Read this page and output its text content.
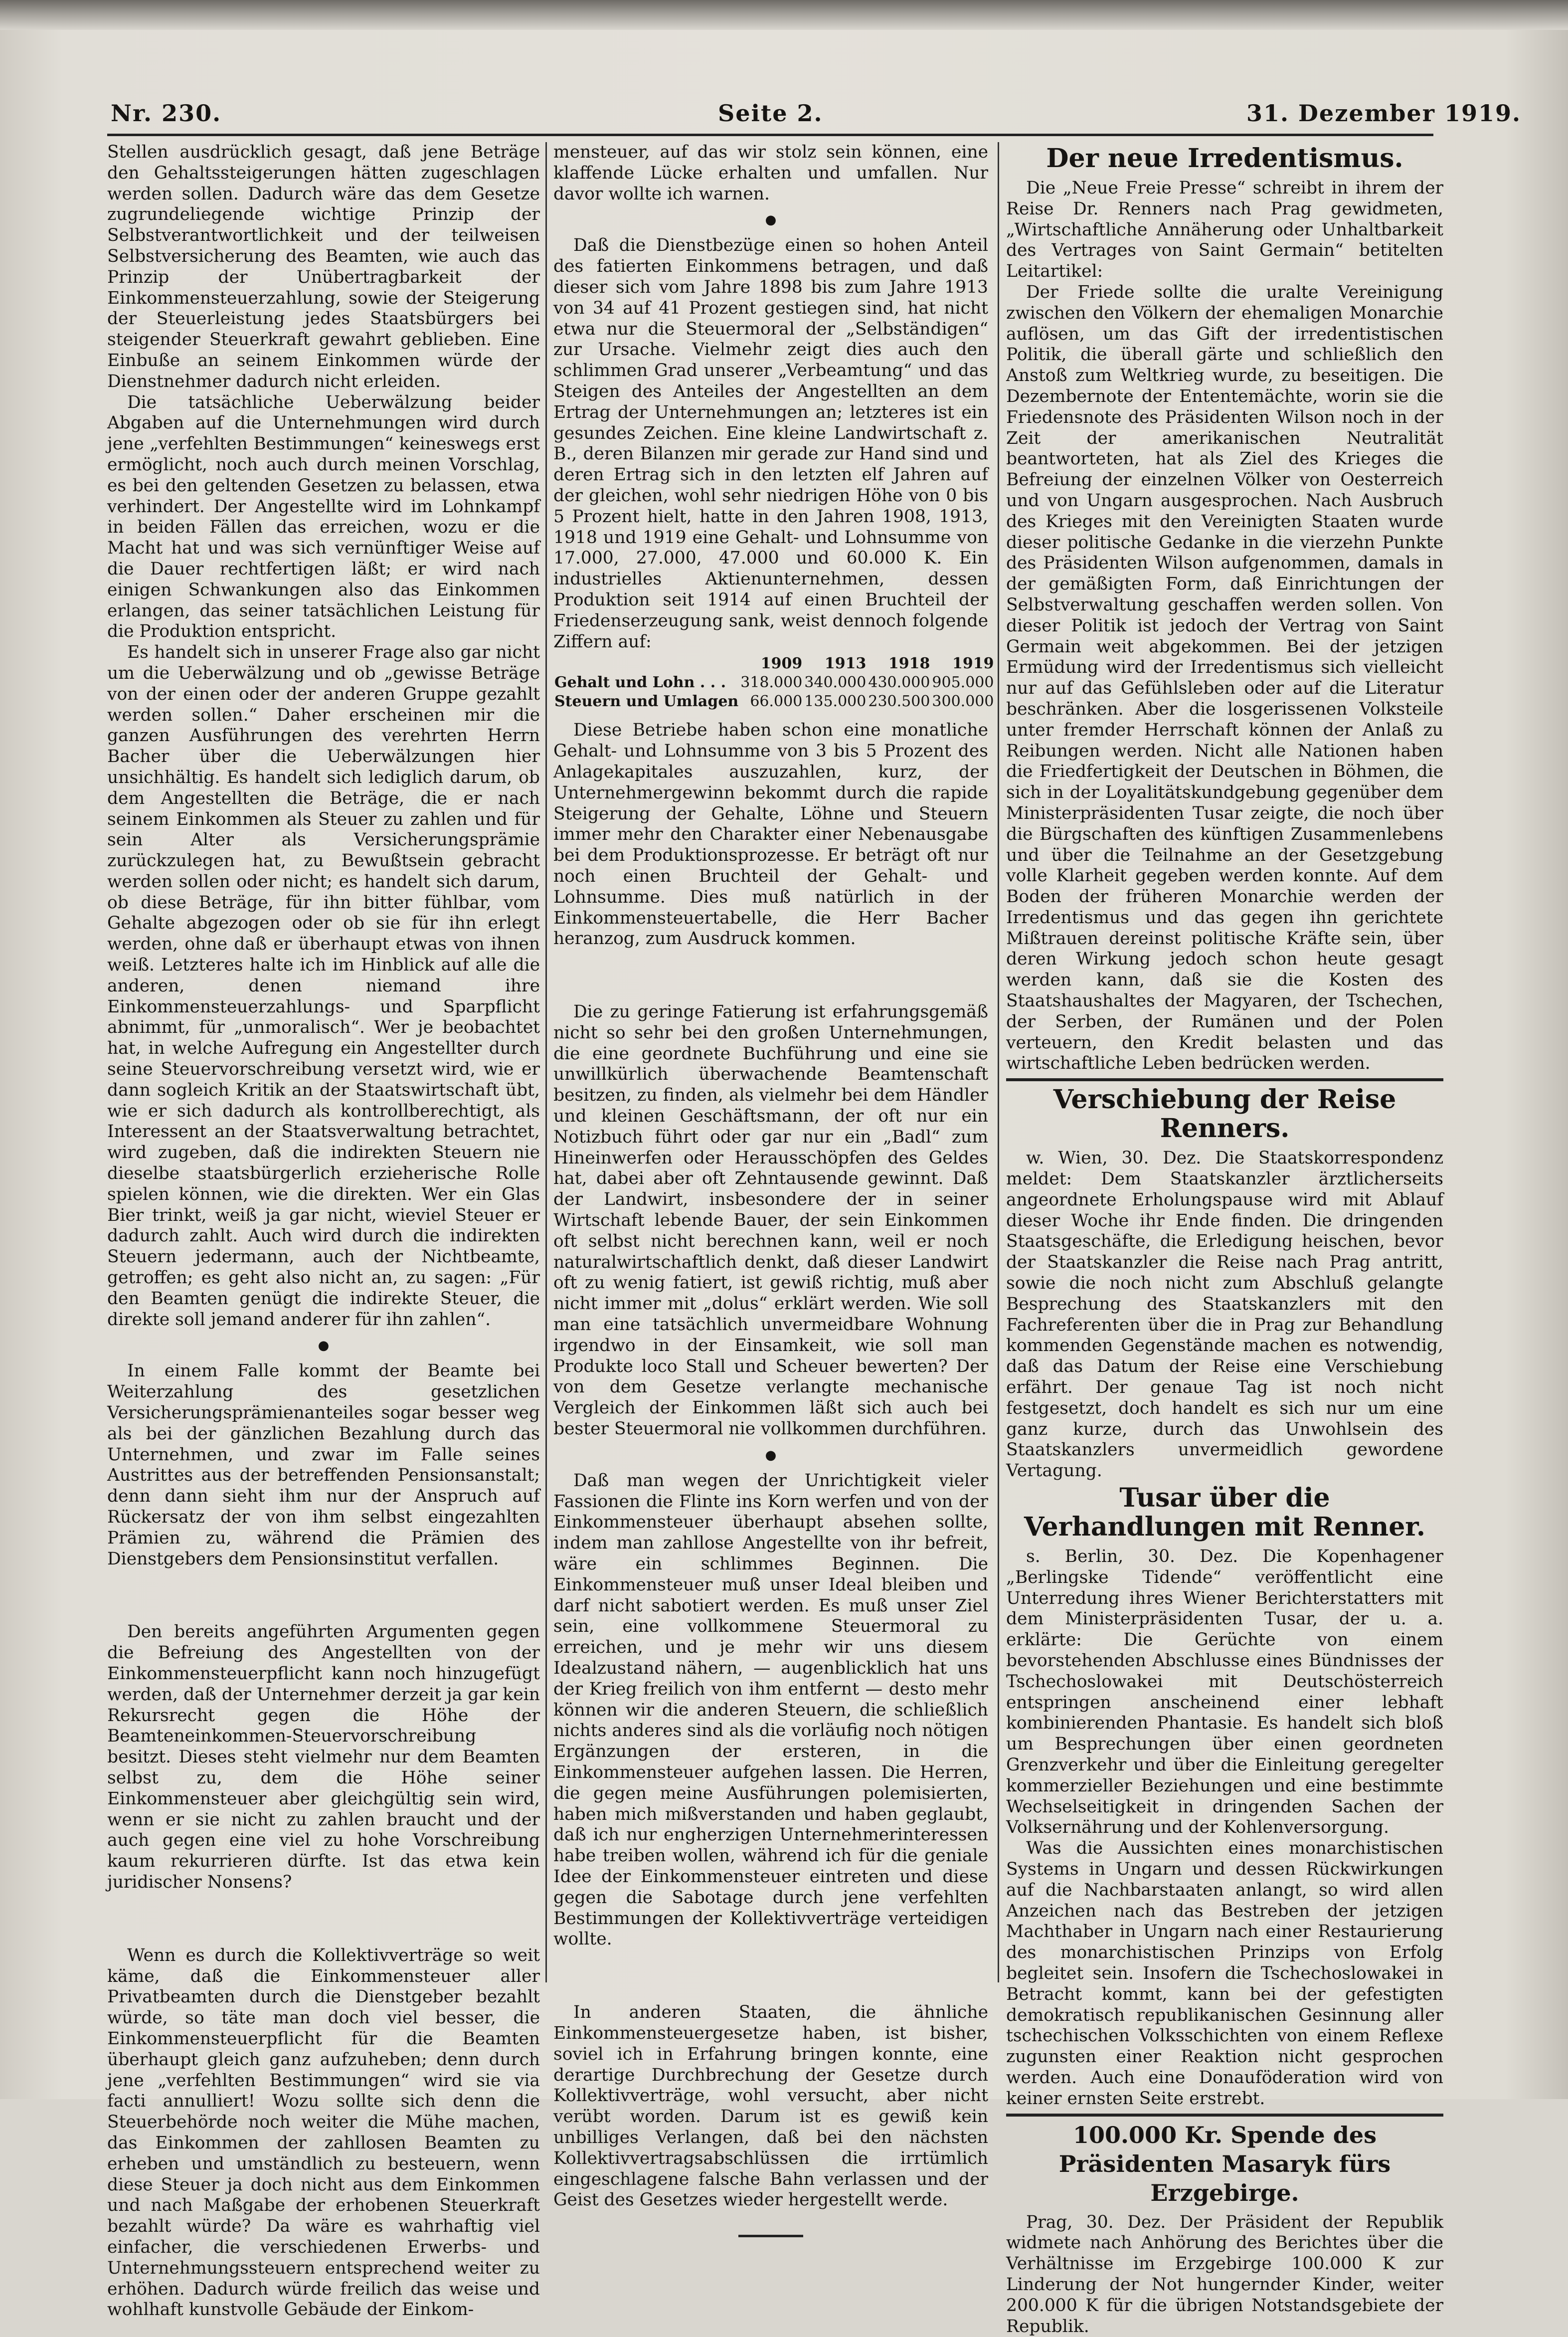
Nr. 230.	Seite 2.	31. Dezember 1919.

Stellen ausdrücklich gesagt, daß jene Beträge den Gehaltssteigerungen hätten zugeschlagen werden sollen. Dadurch wäre das dem Gesetze zugrundeliegende wichtige Prinzip der Selbstverantwortlichkeit und der teilweisen Selbstversicherung des Beamten, wie auch das Prinzip der Unübertragbarkeit der Einkommensteuerzahlung, sowie der Steigerung der Steuerleistung jedes Staatsbürgers bei steigender Steuerkraft gewahrt geblieben. Eine Einbuße an seinem Einkommen würde der Dienstnehmer dadurch nicht erleiden.

Die tatsächliche Ueberwälzung beider Abgaben auf die Unternehmungen wird durch jene „verfehlten Bestimmungen“ keineswegs erst ermöglicht, noch auch durch meinen Vorschlag, es bei den geltenden Gesetzen zu belassen, etwa verhindert. Der Angestellte wird im Lohnkampf in beiden Fällen das erreichen, wozu er die Macht hat und was sich vernünftiger Weise auf die Dauer rechtfertigen läßt; er wird nach einigen Schwankungen also das Einkommen erlangen, das seiner tatsächlichen Leistung für die Produktion entspricht.

Es handelt sich in unserer Frage also gar nicht um die Ueberwälzung und ob „gewisse Beträge von der einen oder der anderen Gruppe gezahlt werden sollen.“ Daher erscheinen mir die ganzen Ausführungen des verehrten Herrn Bacher über die Ueberwälzungen hier unsichhältig. Es handelt sich lediglich darum, ob dem Angestellten die Beträge, die er nach seinem Einkommen als Steuer zu zahlen und für sein Alter als Versicherungsprämie zurückzulegen hat, zu Bewußtsein gebracht werden sollen oder nicht; es handelt sich darum, ob diese Beträge, für ihn bitter fühlbar, vom Gehalte abgezogen oder ob sie für ihn erlegt werden, ohne daß er überhaupt etwas von ihnen weiß. Letzteres halte ich im Hinblick auf alle die anderen, denen niemand ihre Einkommensteuerzahlungs- und Sparpflicht abnimmt, für „unmoralisch“. Wer je beobachtet hat, in welche Aufregung ein Angestellter durch seine Steuervorschreibung versetzt wird, wie er dann sogleich Kritik an der Staatswirtschaft übt, wie er sich dadurch als kontrollberechtigt, als Interessent an der Staatsverwaltung betrachtet, wird zugeben, daß die indirekten Steuern nie dieselbe staatsbürgerlich erzieherische Rolle spielen können, wie die direkten. Wer ein Glas Bier trinkt, weiß ja gar nicht, wieviel Steuer er dadurch zahlt. Auch wird durch die indirekten Steuern jedermann, auch der Nichtbeamte, getroffen; es geht also nicht an, zu sagen: „Für den Beamten genügt die indirekte Steuer, die direkte soll jemand anderer für ihn zahlen“.

●

In einem Falle kommt der Beamte bei Weiterzahlung des gesetzlichen Versicherungsprämienanteiles sogar besser weg als bei der gänzlichen Bezahlung durch das Unternehmen, und zwar im Falle seines Austrittes aus der betreffenden Pensionsanstalt; denn dann sieht ihm nur der Anspruch auf Rückersatz der von ihm selbst eingezahlten Prämien zu, während die Prämien des Dienstgebers dem Pensionsinstitut verfallen.

Den bereits angeführten Argumenten gegen die Befreiung des Angestellten von der Einkommensteuerpflicht kann noch hinzugefügt werden, daß der Unternehmer derzeit ja gar kein Rekursrecht gegen die Höhe der Beamteneinkommen-Steuervorschreibung besitzt. Dieses steht vielmehr nur dem Beamten selbst zu, dem die Höhe seiner Einkommensteuer aber gleichgültig sein wird, wenn er sie nicht zu zahlen braucht und der auch gegen eine viel zu hohe Vorschreibung kaum rekurrieren dürfte. Ist das etwa kein juridischer Nonsens?

Wenn es durch die Kollektivverträge so weit käme, daß die Einkommensteuer aller Privatbeamten durch die Dienstgeber bezahlt würde, so täte man doch viel besser, die Einkommensteuerpflicht für die Beamten überhaupt gleich ganz aufzuheben; denn durch jene „verfehlten Bestimmungen“ wird sie via facti annulliert! Wozu sollte sich denn die Steuerbehörde noch weiter die Mühe machen, das Einkommen der zahllosen Beamten zu erheben und umständlich zu besteuern, wenn diese Steuer ja doch nicht aus dem Einkommen und nach Maßgabe der erhobenen Steuerkraft bezahlt würde? Da wäre es wahrhaftig viel einfacher, die verschiedenen Erwerbs- und Unternehmungssteuern entsprechend weiter zu erhöhen. Dadurch würde freilich das weise und wohlhaft kunstvolle Gebäude der Einkom-

mensteuer, auf das wir stolz sein können, eine klaffende Lücke erhalten und umfallen. Nur davor wollte ich warnen.

●

Daß die Dienstbezüge einen so hohen Anteil des fatierten Einkommens betragen, und daß dieser sich vom Jahre 1898 bis zum Jahre 1913 von 34 auf 41 Prozent gestiegen sind, hat nicht etwa nur die Steuermoral der „Selbständigen“ zur Ursache. Vielmehr zeigt dies auch den schlimmen Grad unserer „Verbeamtung“ und das Steigen des Anteiles der Angestellten an dem Ertrag der Unternehmungen an; letzteres ist ein gesundes Zeichen. Eine kleine Landwirtschaft z. B., deren Bilanzen mir gerade zur Hand sind und deren Ertrag sich in den letzten elf Jahren auf der gleichen, wohl sehr niedrigen Höhe von 0 bis 5 Prozent hielt, hatte in den Jahren 1908, 1913, 1918 und 1919 eine Gehalt- und Lohnsumme von 17.000, 27.000, 47.000 und 60.000 K. Ein industrielles Aktienunternehmen, dessen Produktion seit 1914 auf einen Bruchteil der Friedenserzeugung sank, weist dennoch folgende Ziffern auf:

	1909	1913	1918	1919
Gehalt und Lohn . . .	318.000	340.000	430.000	905.000
Steuern und Umlagen	66.000	135.000	230.500	300.000

Diese Betriebe haben schon eine monatliche Gehalt- und Lohnsumme von 3 bis 5 Prozent des Anlagekapitales auszuzahlen, kurz, der Unternehmergewinn bekommt durch die rapide Steigerung der Gehalte, Löhne und Steuern immer mehr den Charakter einer Nebenausgabe bei dem Produktionsprozesse. Er beträgt oft nur noch einen Bruchteil der Gehalt- und Lohnsumme. Dies muß natürlich in der Einkommensteuertabelle, die Herr Bacher heranzog, zum Ausdruck kommen.

Die zu geringe Fatierung ist erfahrungsgemäß nicht so sehr bei den großen Unternehmungen, die eine geordnete Buchführung und eine sie unwillkürlich überwachende Beamtenschaft besitzen, zu finden, als vielmehr bei dem Händler und kleinen Geschäftsmann, der oft nur ein Notizbuch führt oder gar nur ein „Badl“ zum Hineinwerfen oder Herausschöpfen des Geldes hat, dabei aber oft Zehntausende gewinnt. Daß der Landwirt, insbesondere der in seiner Wirtschaft lebende Bauer, der sein Einkommen oft selbst nicht berechnen kann, weil er noch naturalwirtschaftlich denkt, daß dieser Landwirt oft zu wenig fatiert, ist gewiß richtig, muß aber nicht immer mit „dolus“ erklärt werden. Wie soll man eine tatsächlich unvermeidbare Wohnung irgendwo in der Einsamkeit, wie soll man Produkte loco Stall und Scheuer bewerten? Der von dem Gesetze verlangte mechanische Vergleich der Einkommen läßt sich auch bei bester Steuermoral nie vollkommen durchführen.

●

Daß man wegen der Unrichtigkeit vieler Fassionen die Flinte ins Korn werfen und von der Einkommensteuer überhaupt absehen sollte, indem man zahllose Angestellte von ihr befreit, wäre ein schlimmes Beginnen. Die Einkommensteuer muß unser Ideal bleiben und darf nicht sabotiert werden. Es muß unser Ziel sein, eine vollkommene Steuermoral zu erreichen, und je mehr wir uns diesem Idealzustand nähern, — augenblicklich hat uns der Krieg freilich von ihm entfernt — desto mehr können wir die anderen Steuern, die schließlich nichts anderes sind als die vorläufig noch nötigen Ergänzungen der ersteren, in die Einkommensteuer aufgehen lassen. Die Herren, die gegen meine Ausführungen polemisierten, haben mich mißverstanden und haben geglaubt, daß ich nur engherzigen Unternehmerinteressen habe treiben wollen, während ich für die geniale Idee der Einkommensteuer eintreten und diese gegen die Sabotage durch jene verfehlten Bestimmungen der Kollektivverträge verteidigen wollte.

In anderen Staaten, die ähnliche Einkommensteuergesetze haben, ist bisher, soviel ich in Erfahrung bringen konnte, eine derartige Durchbrechung der Gesetze durch Kollektivverträge, wohl versucht, aber nicht verübt worden. Darum ist es gewiß kein unbilliges Verlangen, daß bei den nächsten Kollektivvertragsabschlüssen die irrtümlich eingeschlagene falsche Bahn verlassen und der Geist des Gesetzes wieder hergestellt werde.

Der neue Irredentismus.

Die „Neue Freie Presse“ schreibt in ihrem der Reise Dr. Renners nach Prag gewidmeten, „Wirtschaftliche Annäherung oder Unhaltbarkeit des Vertrages von Saint Germain“ betitelten Leitartikel:

Der Friede sollte die uralte Vereinigung zwischen den Völkern der ehemaligen Monarchie auflösen, um das Gift der irredentistischen Politik, die überall gärte und schließlich den Anstoß zum Weltkrieg wurde, zu beseitigen. Die Dezembernote der Ententemächte, worin sie die Friedensnote des Präsidenten Wilson noch in der Zeit der amerikanischen Neutralität beantworteten, hat als Ziel des Krieges die Befreiung der einzelnen Völker von Oesterreich und von Ungarn ausgesprochen. Nach Ausbruch des Krieges mit den Vereinigten Staaten wurde dieser politische Gedanke in die vierzehn Punkte des Präsidenten Wilson aufgenommen, damals in der gemäßigten Form, daß Einrichtungen der Selbstverwaltung geschaffen werden sollen. Von dieser Politik ist jedoch der Vertrag von Saint Germain weit abgekommen. Bei der jetzigen Ermüdung wird der Irredentismus sich vielleicht nur auf das Gefühlsleben oder auf die Literatur beschränken. Aber die losgerissenen Volksteile unter fremder Herrschaft können der Anlaß zu Reibungen werden. Nicht alle Nationen haben die Friedfertigkeit der Deutschen in Böhmen, die sich in der Loyalitätskundgebung gegenüber dem Ministerpräsidenten Tusar zeigte, die noch über die Bürgschaften des künftigen Zusammenlebens und über die Teilnahme an der Gesetzgebung volle Klarheit gegeben werden konnte. Auf dem Boden der früheren Monarchie werden der Irredentismus und das gegen ihn gerichtete Mißtrauen dereinst politische Kräfte sein, über deren Wirkung jedoch schon heute gesagt werden kann, daß sie die Kosten des Staatshaushaltes der Magyaren, der Tschechen, der Serben, der Rumänen und der Polen verteuern, den Kredit belasten und das wirtschaftliche Leben bedrücken werden.

Verschiebung der Reise Renners.

w. Wien, 30. Dez. Die Staatskorrespondenz meldet: Dem Staatskanzler ärztlicherseits angeordnete Erholungspause wird mit Ablauf dieser Woche ihr Ende finden. Die dringenden Staatsgeschäfte, die Erledigung heischen, bevor der Staatskanzler die Reise nach Prag antritt, sowie die noch nicht zum Abschluß gelangte Besprechung des Staatskanzlers mit den Fachreferenten über die in Prag zur Behandlung kommenden Gegenstände machen es notwendig, daß das Datum der Reise eine Verschiebung erfährt. Der genaue Tag ist noch nicht festgesetzt, doch handelt es sich nur um eine ganz kurze, durch das Unwohlsein des Staatskanzlers unvermeidlich gewordene Vertagung.

Tusar über die Verhandlungen mit Renner.

s. Berlin, 30. Dez. Die Kopenhagener „Berlingske Tidende“ veröffentlicht eine Unterredung ihres Wiener Berichterstatters mit dem Ministerpräsidenten Tusar, der u. a. erklärte: Die Gerüchte von einem bevorstehenden Abschlusse eines Bündnisses der Tschechoslowakei mit Deutschösterreich entspringen anscheinend einer lebhaft kombinierenden Phantasie. Es handelt sich bloß um Besprechungen über einen geordneten Grenzverkehr und über die Einleitung geregelter kommerzieller Beziehungen und eine bestimmte Wechselseitigkeit in dringenden Sachen der Volksernährung und der Kohlenversorgung.

Was die Aussichten eines monarchistischen Systems in Ungarn und dessen Rückwirkungen auf die Nachbarstaaten anlangt, so wird allen Anzeichen nach das Bestreben der jetzigen Machthaber in Ungarn nach einer Restaurierung des monarchistischen Prinzips von Erfolg begleitet sein. Insofern die Tschechoslowakei in Betracht kommt, kann bei der gefestigten demokratisch republikanischen Gesinnung aller tschechischen Volksschichten von einem Reflexe zugunsten einer Reaktion nicht gesprochen werden. Auch eine Donauföderation wird von keiner ernsten Seite erstrebt.

100.000 Kr. Spende des Präsidenten Masaryk fürs Erzgebirge.

Prag, 30. Dez. Der Präsident der Republik widmete nach Anhörung des Berichtes über die Verhältnisse im Erzgebirge 100.000 K zur Linderung der Not hungernder Kinder, weiter 200.000 K für die übrigen Notstandsgebiete der Republik.
